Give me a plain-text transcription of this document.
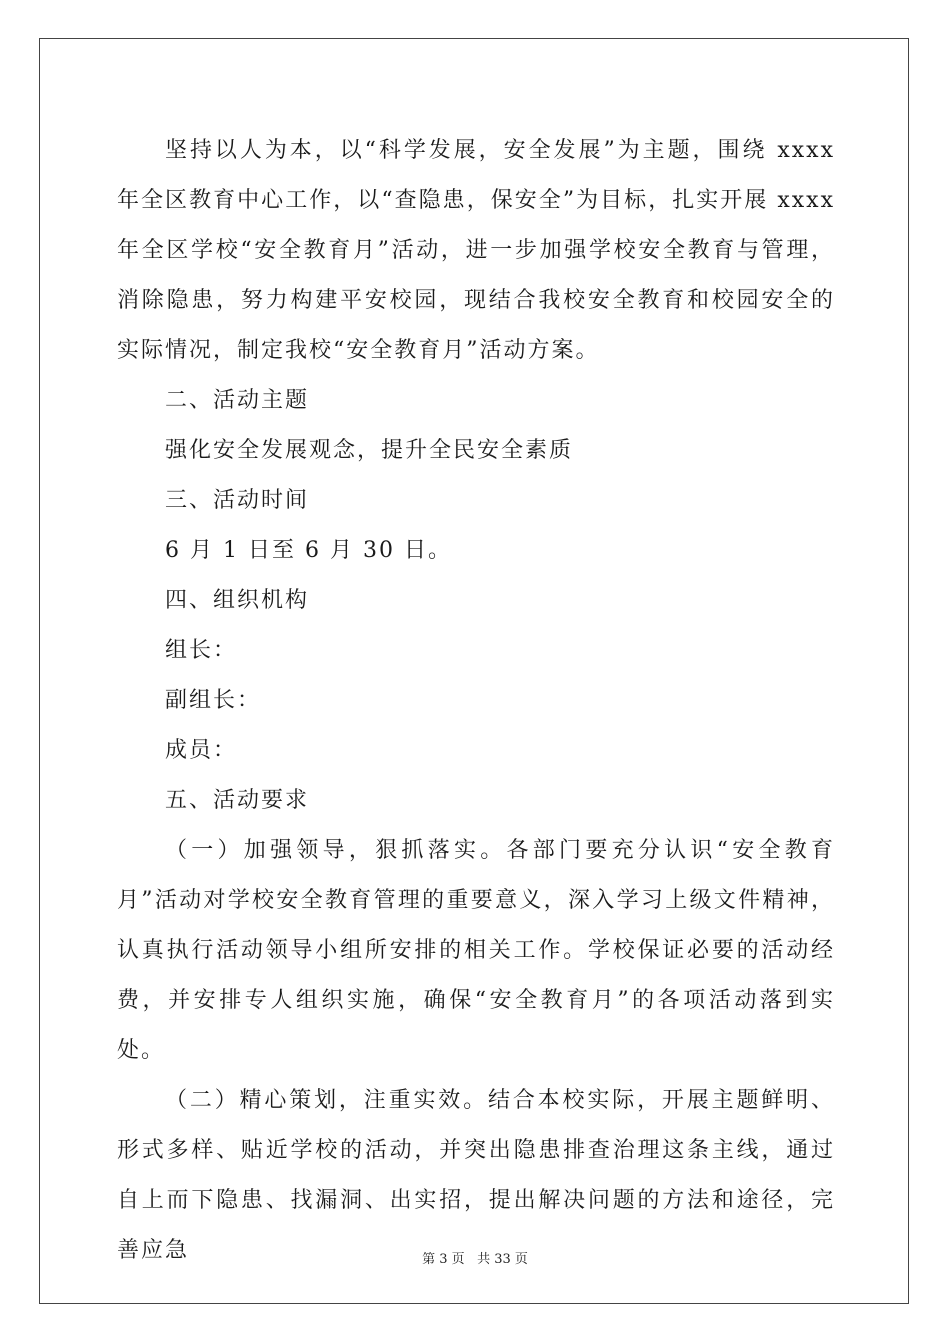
坚持以人为本，以“科学发展，安全发展”为主题，围绕 xxxx 年全区教育中心工作，以“查隐患，保安全”为目标，扎实开展 xxxx 年全区学校“安全教育月”活动，进一步加强学校安全教育与管理，消除隐患，努力构建平安校园，现结合我校安全教育和校园安全的实际情况，制定我校“安全教育月”活动方案。

二、活动主题

强化安全发展观念，提升全民安全素质

三、活动时间

6 月 1 日至 6 月 30 日。

四、组织机构

组长：

副组长：

成员：

五、活动要求

（一）加强领导，狠抓落实。各部门要充分认识“安全教育月”活动对学校安全教育管理的重要意义，深入学习上级文件精神，认真执行活动领导小组所安排的相关工作。学校保证必要的活动经费，并安排专人组织实施，确保“安全教育月”的各项活动落到实处。

（二）精心策划，注重实效。结合本校实际，开展主题鲜明、形式多样、贴近学校的活动，并突出隐患排查治理这条主线，通过自上而下隐患、找漏洞、出实招，提出解决问题的方法和途径，完善应急	第 3 页 共 33 页
